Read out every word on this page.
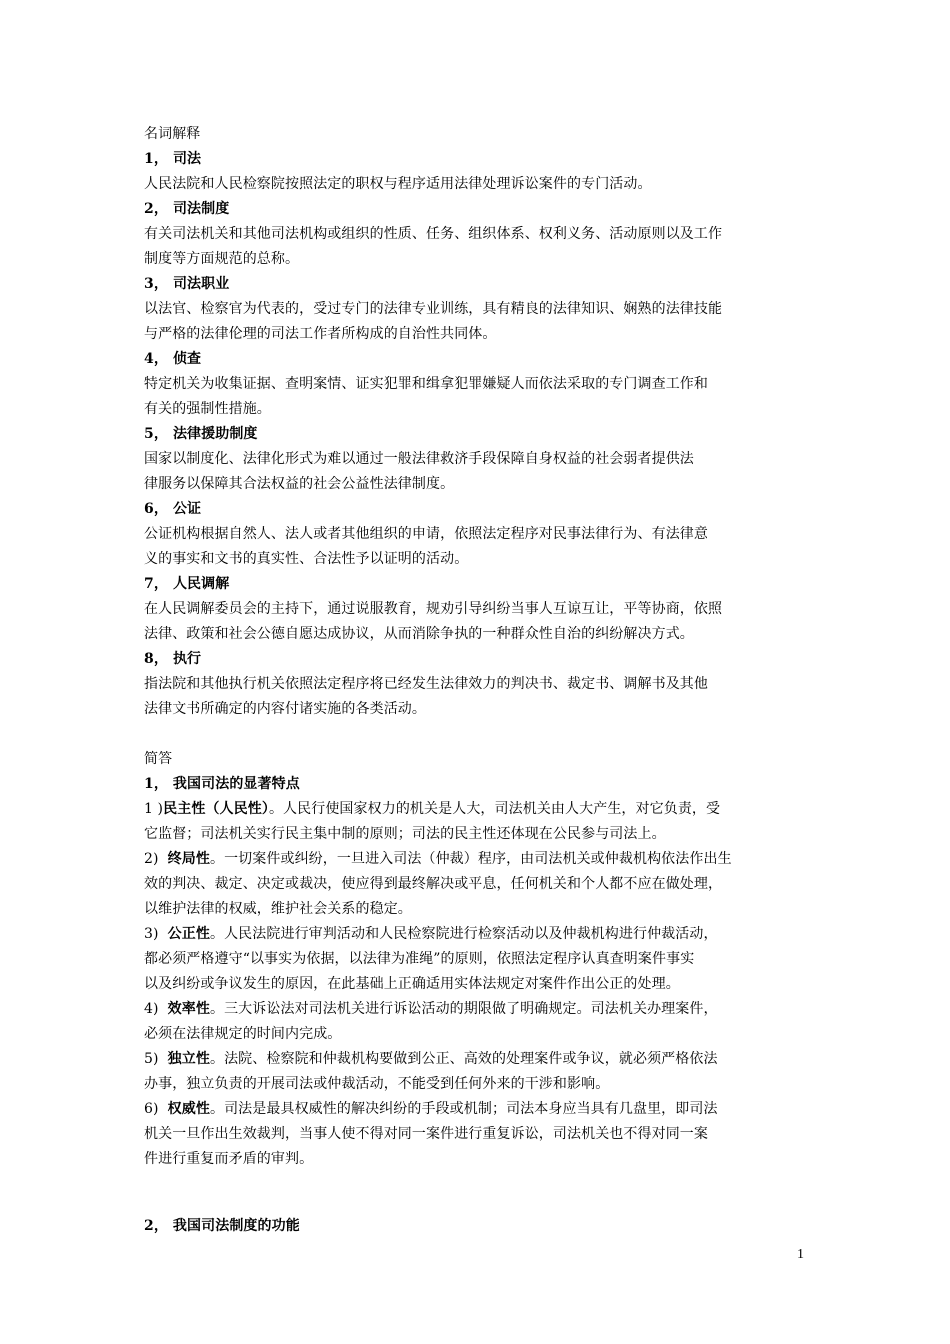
名词解释
1， 司法
人民法院和人民检察院按照法定的职权与程序适用法律处理诉讼案件的专门活动。
2， 司法制度
有关司法机关和其他司法机构或组织的性质、任务、组织体系、权利义务、活动原则以及工作
制度等方面规范的总称。
3， 司法职业
以法官、检察官为代表的，受过专门的法律专业训练，具有精良的法律知识、娴熟的法律技能
与严格的法律伦理的司法工作者所构成的自治性共同体。
4， 侦查
特定机关为收集证据、查明案情、证实犯罪和缉拿犯罪嫌疑人而依法采取的专门调查工作和
有关的强制性措施。
5， 法律援助制度
国家以制度化、法律化形式为难以通过一般法律救济手段保障自身权益的社会弱者提供法
律服务以保障其合法权益的社会公益性法律制度。
6， 公证
公证机构根据自然人、法人或者其他组织的申请，依照法定程序对民事法律行为、有法律意
义的事实和文书的真实性、合法性予以证明的活动。
7， 人民调解
在人民调解委员会的主持下，通过说服教育，规劝引导纠纷当事人互谅互让，平等协商，依照
法律、政策和社会公德自愿达成协议，从而消除争执的一种群众性自治的纠纷解决方式。
8， 执行
指法院和其他执行机关依照法定程序将已经发生法律效力的判决书、裁定书、调解书及其他
法律文书所确定的内容付诸实施的各类活动。
简答
1， 我国司法的显著特点
1 )民主性（人民性）。人民行使国家权力的机关是人大，司法机关由人大产生，对它负责，受
它监督；司法机关实行民主集中制的原则；司法的民主性还体现在公民参与司法上。
2)  终局性。一切案件或纠纷，一旦进入司法（仲裁）程序，由司法机关或仲裁机构依法作出生
效的判决、裁定、决定或裁决，使应得到最终解决或平息，任何机关和个人都不应在做处理，
以维护法律的权威，维护社会关系的稳定。
3)  公正性。人民法院进行审判活动和人民检察院进行检察活动以及仲裁机构进行仲裁活动，
都必须严格遵守“以事实为依据，以法律为准绳”的原则，依照法定程序认真查明案件事实
以及纠纷或争议发生的原因，在此基础上正确适用实体法规定对案件作出公正的处理。
4)  效率性。三大诉讼法对司法机关进行诉讼活动的期限做了明确规定。司法机关办理案件，
必须在法律规定的时间内完成。
5)  独立性。法院、检察院和仲裁机构要做到公正、高效的处理案件或争议，就必须严格依法
办事，独立负责的开展司法或仲裁活动，不能受到任何外来的干涉和影响。
6)  权威性。司法是最具权威性的解决纠纷的手段或机制；司法本身应当具有几盘里，即司法
机关一旦作出生效裁判，当事人使不得对同一案件进行重复诉讼，司法机关也不得对同一案
件进行重复而矛盾的审判。
2， 我国司法制度的功能
1
